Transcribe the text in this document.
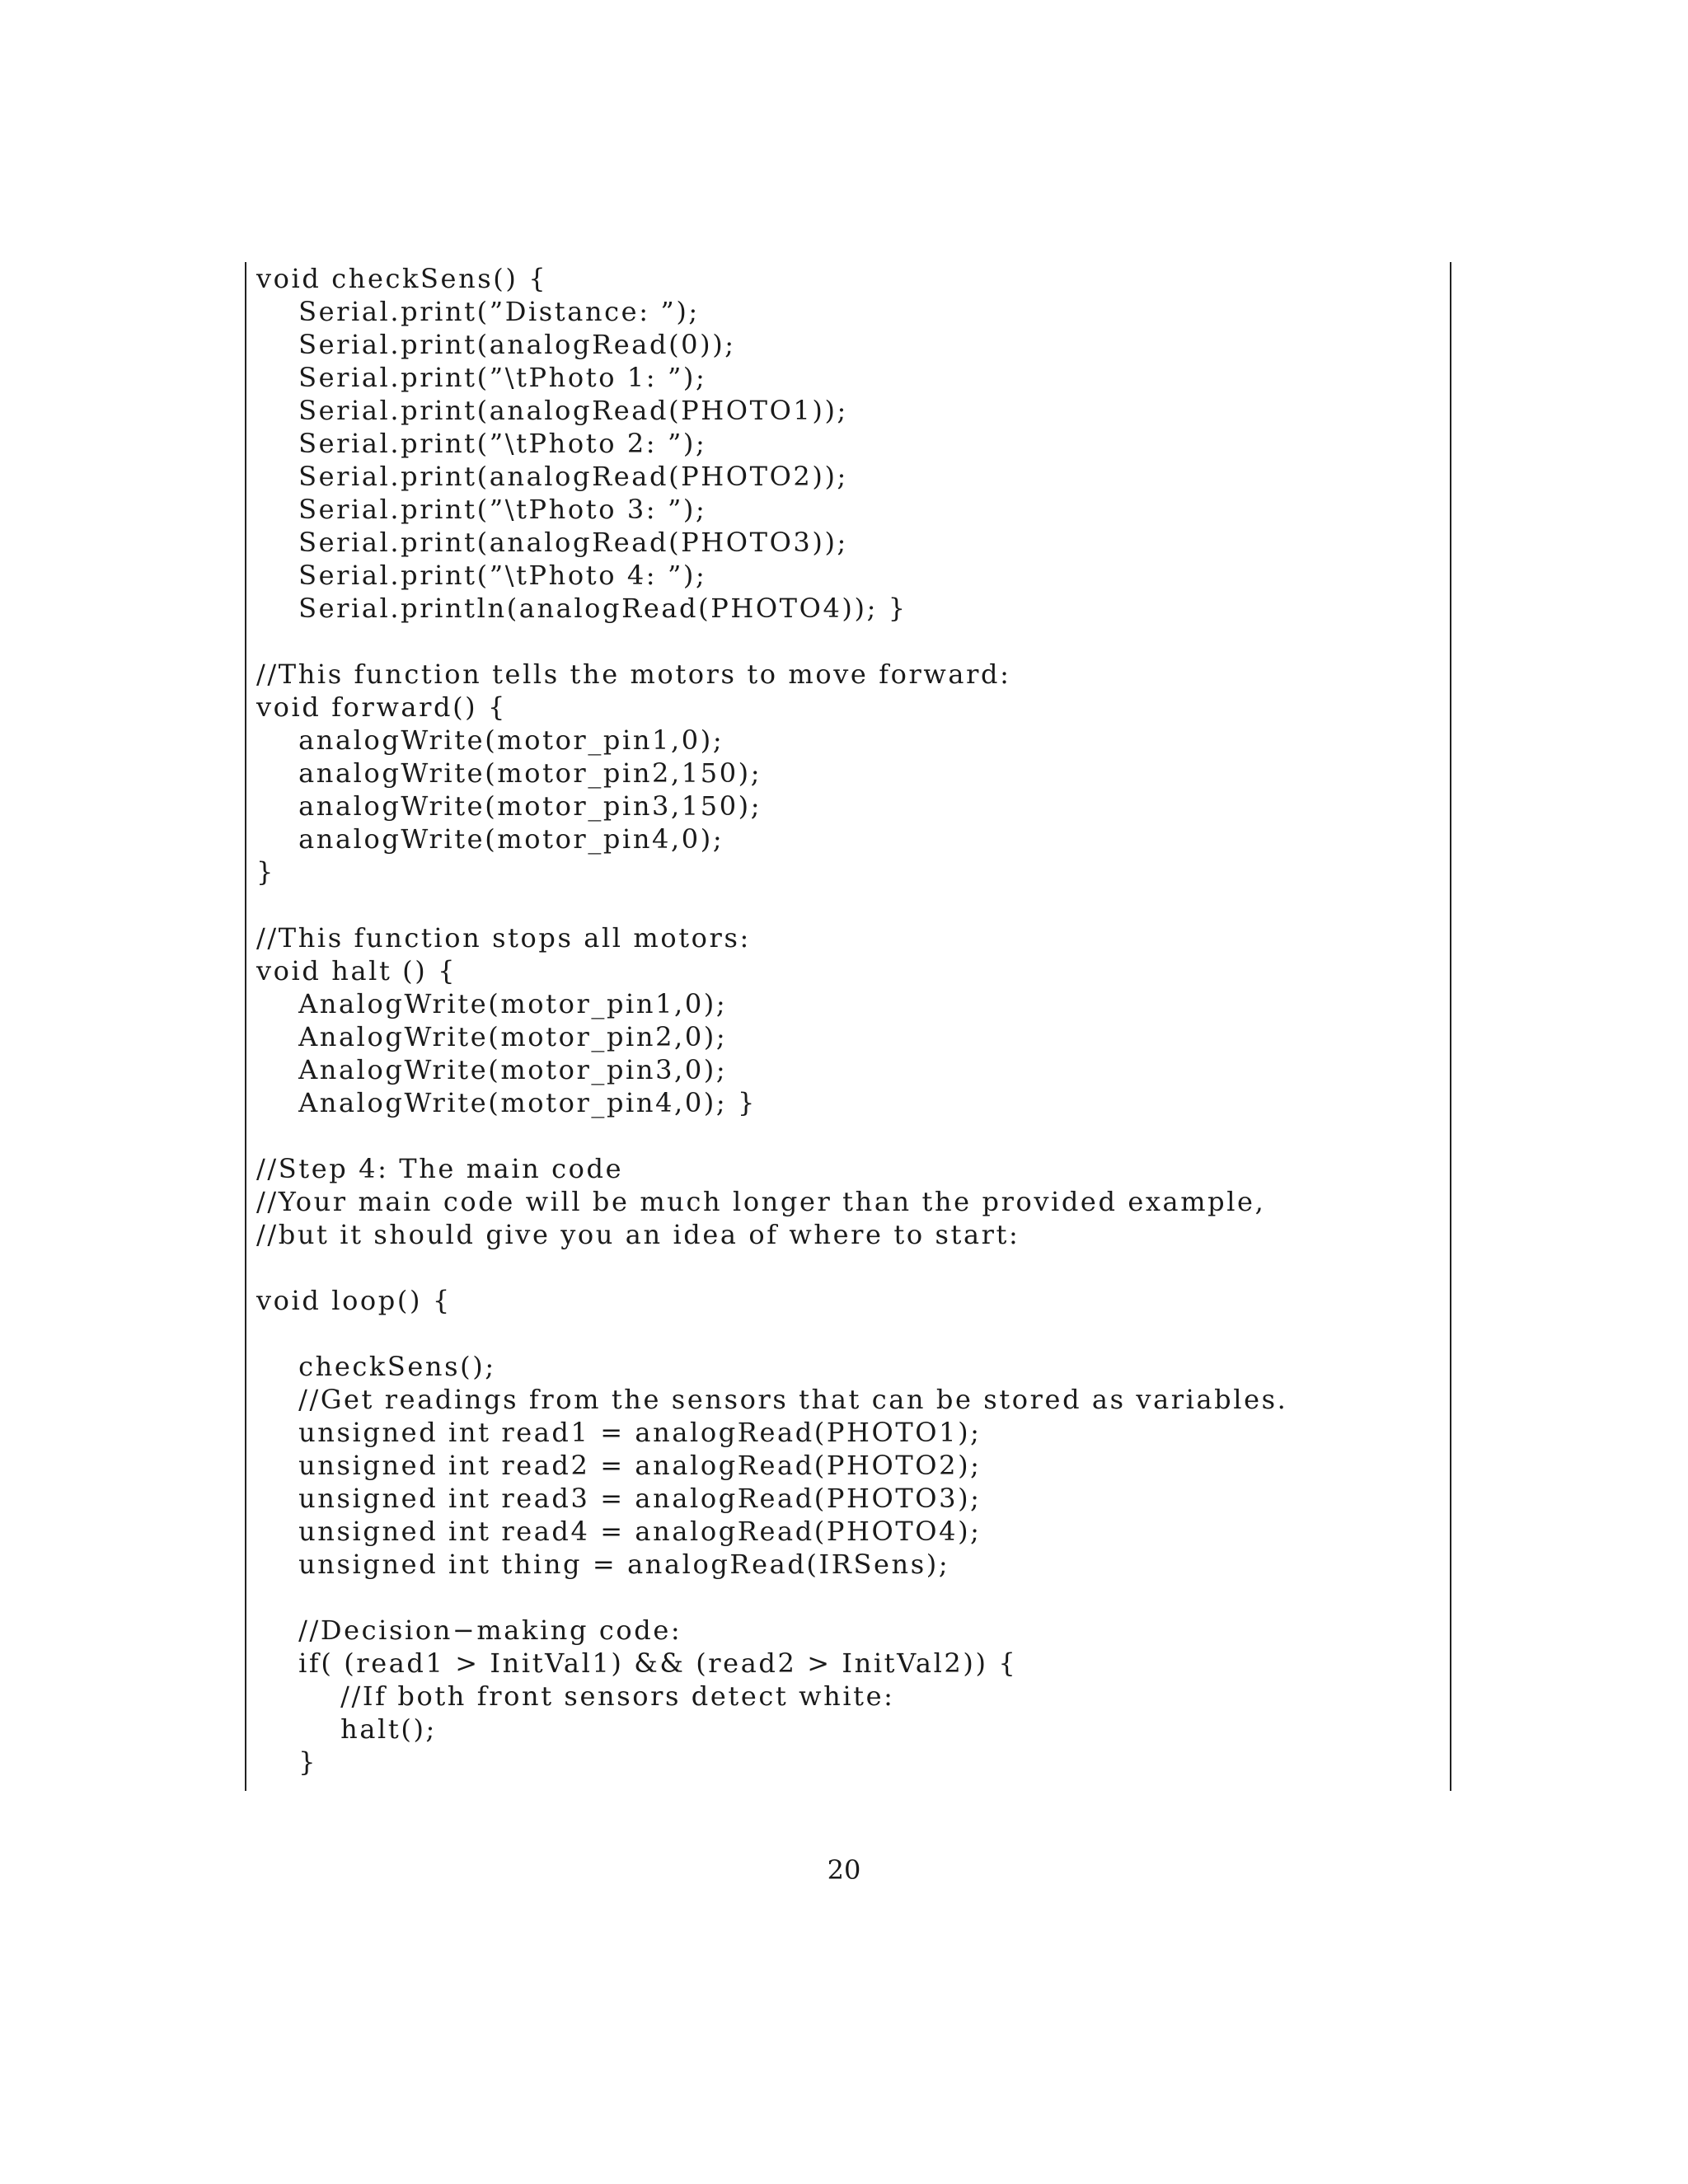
void checkSens() {
Serial.print(”Distance: ”);
Serial.print(analogRead(0));
Serial.print(”\tPhoto 1: ”);
Serial.print(analogRead(PHOTO1));
Serial.print(”\tPhoto 2: ”);
Serial.print(analogRead(PHOTO2));
Serial.print(”\tPhoto 3: ”);
Serial.print(analogRead(PHOTO3));
Serial.print(”\tPhoto 4: ”);
Serial.println(analogRead(PHOTO4)); }
//This function tells the motors to move forward:
void forward() {
analogWrite(motor_pin1,0);
analogWrite(motor_pin2,150);
analogWrite(motor_pin3,150);
analogWrite(motor_pin4,0);
}
//This function stops all motors:
void halt () {
AnalogWrite(motor_pin1,0);
AnalogWrite(motor_pin2,0);
AnalogWrite(motor_pin3,0);
AnalogWrite(motor_pin4,0); }
//Step 4: The main code
//Your main code will be much longer than the provided example,
//but it should give you an idea of where to start:
void loop() {
checkSens();
//Get readings from the sensors that can be stored as variables.
unsigned int read1 = analogRead(PHOTO1);
unsigned int read2 = analogRead(PHOTO2);
unsigned int read3 = analogRead(PHOTO3);
unsigned int read4 = analogRead(PHOTO4);
unsigned int thing = analogRead(IRSens);
//Decision−making code:
if( (read1 > InitVal1) && (read2 > InitVal2)) {
//If both front sensors detect white:
halt();
}
20
